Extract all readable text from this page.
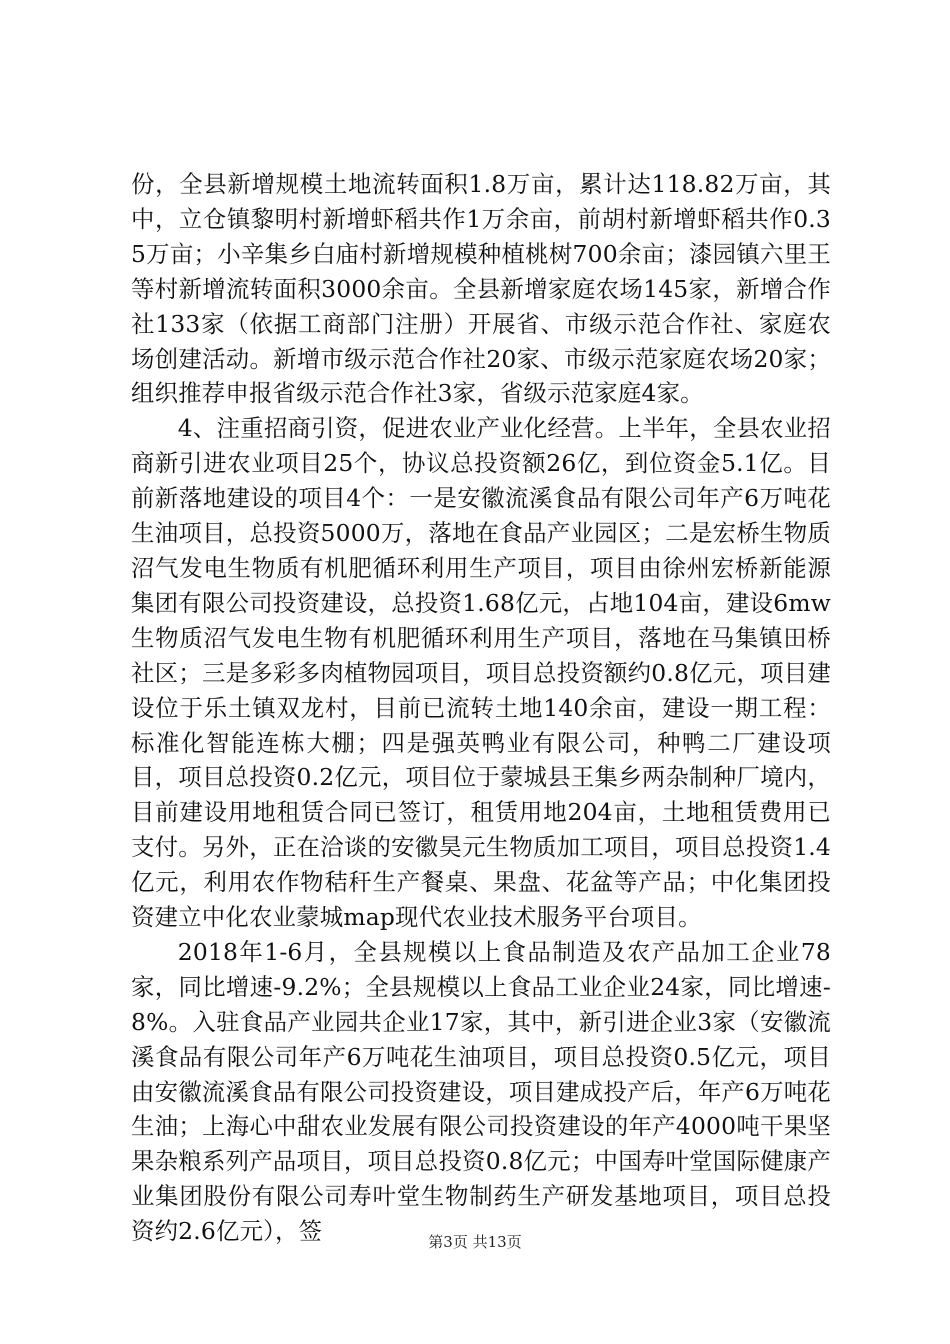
份，全县新增规模土地流转面积1.8万亩，累计达118.82万亩，其中，立仓镇黎明村新增虾稻共作1万余亩，前胡村新增虾稻共作0.35万亩；小辛集乡白庙村新增规模种植桃树700余亩；漆园镇六里王等村新增流转面积3000余亩。全县新增家庭农场145家，新增合作社133家（依据工商部门注册）开展省、市级示范合作社、家庭农场创建活动。新增市级示范合作社20家、市级示范家庭农场20家；组织推荐申报省级示范合作社3家，省级示范家庭4家。

4、注重招商引资，促进农业产业化经营。上半年，全县农业招商新引进农业项目25个，协议总投资额26亿，到位资金5.1亿。目前新落地建设的项目4个：一是安徽流溪食品有限公司年产6万吨花生油项目，总投资5000万，落地在食品产业园区；二是宏桥生物质沼气发电生物质有机肥循环利用生产项目，项目由徐州宏桥新能源集团有限公司投资建设，总投资1.68亿元，占地104亩，建设6mw生物质沼气发电生物有机肥循环利用生产项目，落地在马集镇田桥社区；三是多彩多肉植物园项目，项目总投资额约0.8亿元，项目建设位于乐土镇双龙村，目前已流转土地140余亩，建设一期工程：标准化智能连栋大棚；四是强英鸭业有限公司，种鸭二厂建设项目，项目总投资0.2亿元，项目位于蒙城县王集乡两杂制种厂境内，目前建设用地租赁合同已签订，租赁用地204亩，土地租赁费用已支付。另外，正在洽谈的安徽昊元生物质加工项目，项目总投资1.4亿元，利用农作物秸秆生产餐桌、果盘、花盆等产品；中化集团投资建立中化农业蒙城map现代农业技术服务平台项目。

2018年1-6月，全县规模以上食品制造及农产品加工企业78家，同比增速-9.2%；全县规模以上食品工业企业24家，同比增速-8%。入驻食品产业园共企业17家，其中，新引进企业3家（安徽流溪食品有限公司年产6万吨花生油项目，项目总投资0.5亿元，项目由安徽流溪食品有限公司投资建设，项目建成投产后，年产6万吨花生油；上海心中甜农业发展有限公司投资建设的年产4000吨干果坚果杂粮系列产品项目，项目总投资0.8亿元；中国寿叶堂国际健康产业集团股份有限公司寿叶堂生物制药生产研发基地项目，项目总投资约2.6亿元），签	第3页 共13页
